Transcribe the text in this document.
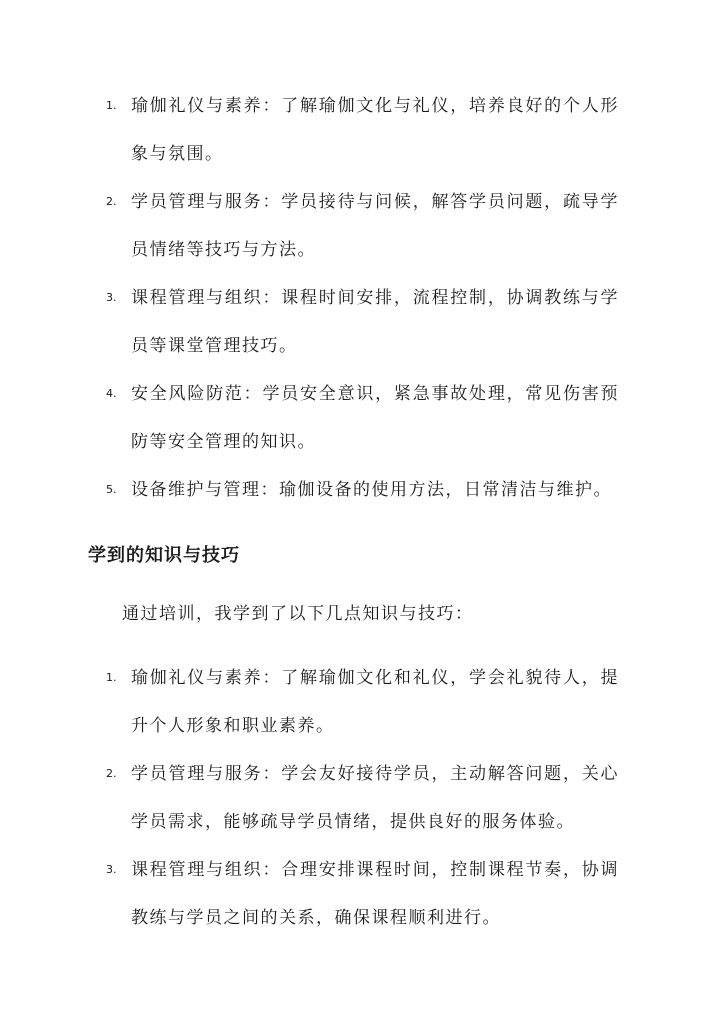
1. 瑜伽礼仪与素养：了解瑜伽文化与礼仪，培养良好的个人形象与氛围。
2. 学员管理与服务：学员接待与问候，解答学员问题，疏导学员情绪等技巧与方法。
3. 课程管理与组织：课程时间安排，流程控制，协调教练与学员等课堂管理技巧。
4. 安全风险防范：学员安全意识，紧急事故处理，常见伤害预防等安全管理的知识。
5. 设备维护与管理：瑜伽设备的使用方法，日常清洁与维护。
学到的知识与技巧

通过培训，我学到了以下几点知识与技巧：

1. 瑜伽礼仪与素养：了解瑜伽文化和礼仪，学会礼貌待人，提升个人形象和职业素养。
2. 学员管理与服务：学会友好接待学员，主动解答问题，关心学员需求，能够疏导学员情绪，提供良好的服务体验。
3. 课程管理与组织：合理安排课程时间，控制课程节奏，协调教练与学员之间的关系，确保课程顺利进行。
